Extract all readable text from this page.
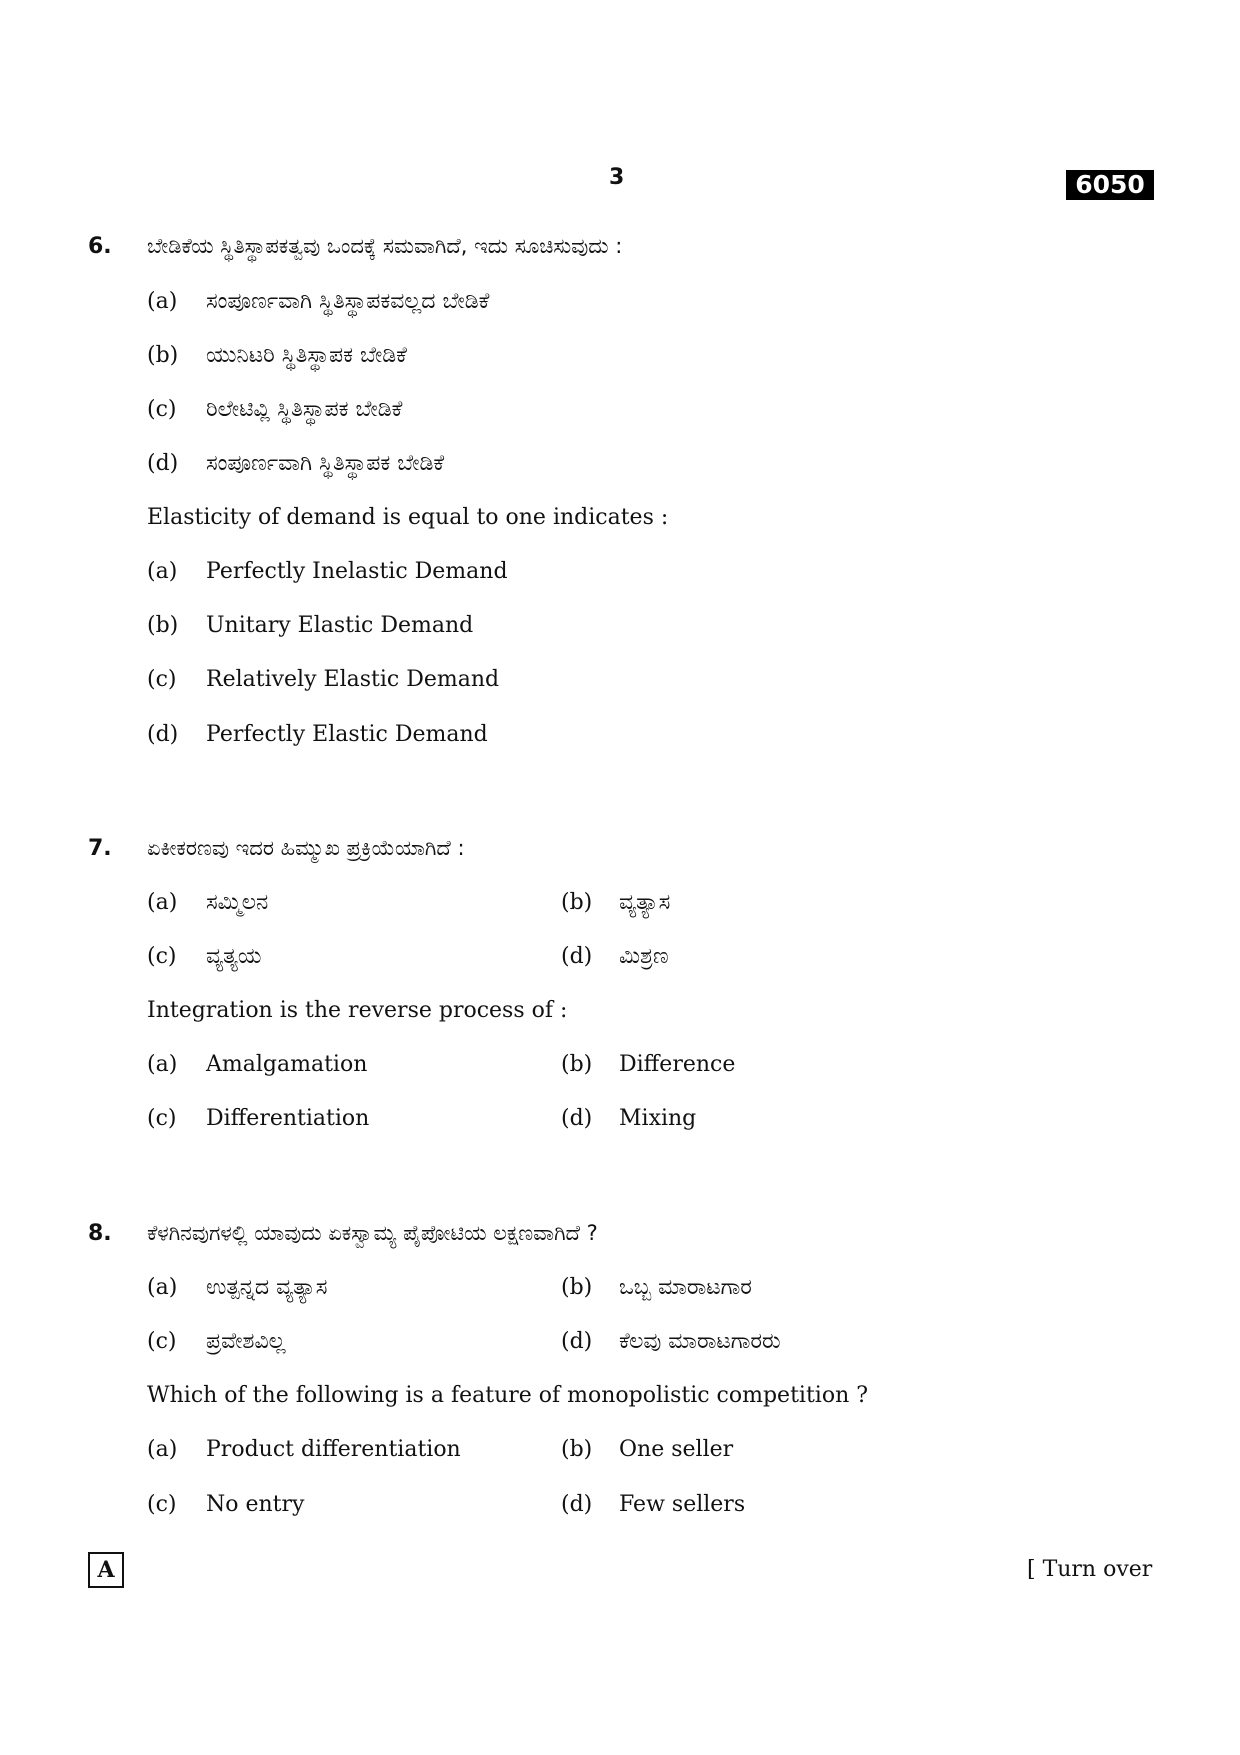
3	6050
6. ಬೇಡಿಕೆಯ ಸ್ಥಿತಿಸ್ಥಾಪಕತ್ವವು ಒಂದಕ್ಕೆ ಸಮವಾಗಿದೆ, ಇದು ಸೂಚಿಸುವುದು :
(a) ಸಂಪೂರ್ಣವಾಗಿ ಸ್ಥಿತಿಸ್ಥಾಪಕವಲ್ಲದ ಬೇಡಿಕೆ
(b) ಯುನಿಟರಿ ಸ್ಥಿತಿಸ್ಥಾಪಕ ಬೇಡಿಕೆ
(c) ರಿಲೇಟಿವ್ಲಿ ಸ್ಥಿತಿಸ್ಥಾಪಕ ಬೇಡಿಕೆ
(d) ಸಂಪೂರ್ಣವಾಗಿ ಸ್ಥಿತಿಸ್ಥಾಪಕ ಬೇಡಿಕೆ
Elasticity of demand is equal to one indicates :
(a) Perfectly Inelastic Demand
(b) Unitary Elastic Demand
(c) Relatively Elastic Demand
(d) Perfectly Elastic Demand
7. ಏಕೀಕರಣವು ಇದರ ಹಿಮ್ಮುಖ ಪ್ರಕ್ರಿಯೆಯಾಗಿದೆ :
(a) ಸಮ್ಮಿಲನ	(b) ವ್ಯತ್ಯಾಸ
(c) ವ್ಯತ್ಯಯ	(d) ಮಿಶ್ರಣ
Integration is the reverse process of :
(a) Amalgamation	(b) Difference
(c) Differentiation	(d) Mixing
8. ಕೆಳಗಿನವುಗಳಲ್ಲಿ ಯಾವುದು ಏಕಸ್ವಾಮ್ಯ ಪೈಪೋಟಿಯ ಲಕ್ಷಣವಾಗಿದೆ ?
(a) ಉತ್ಪನ್ನದ ವ್ಯತ್ಯಾಸ	(b) ಒಬ್ಬ ಮಾರಾಟಗಾರ
(c) ಪ್ರವೇಶವಿಲ್ಲ	(d) ಕೆಲವು ಮಾರಾಟಗಾರರು
Which of the following is a feature of monopolistic competition ?
(a) Product differentiation	(b) One seller
(c) No entry	(d) Few sellers
A	[ Turn over
